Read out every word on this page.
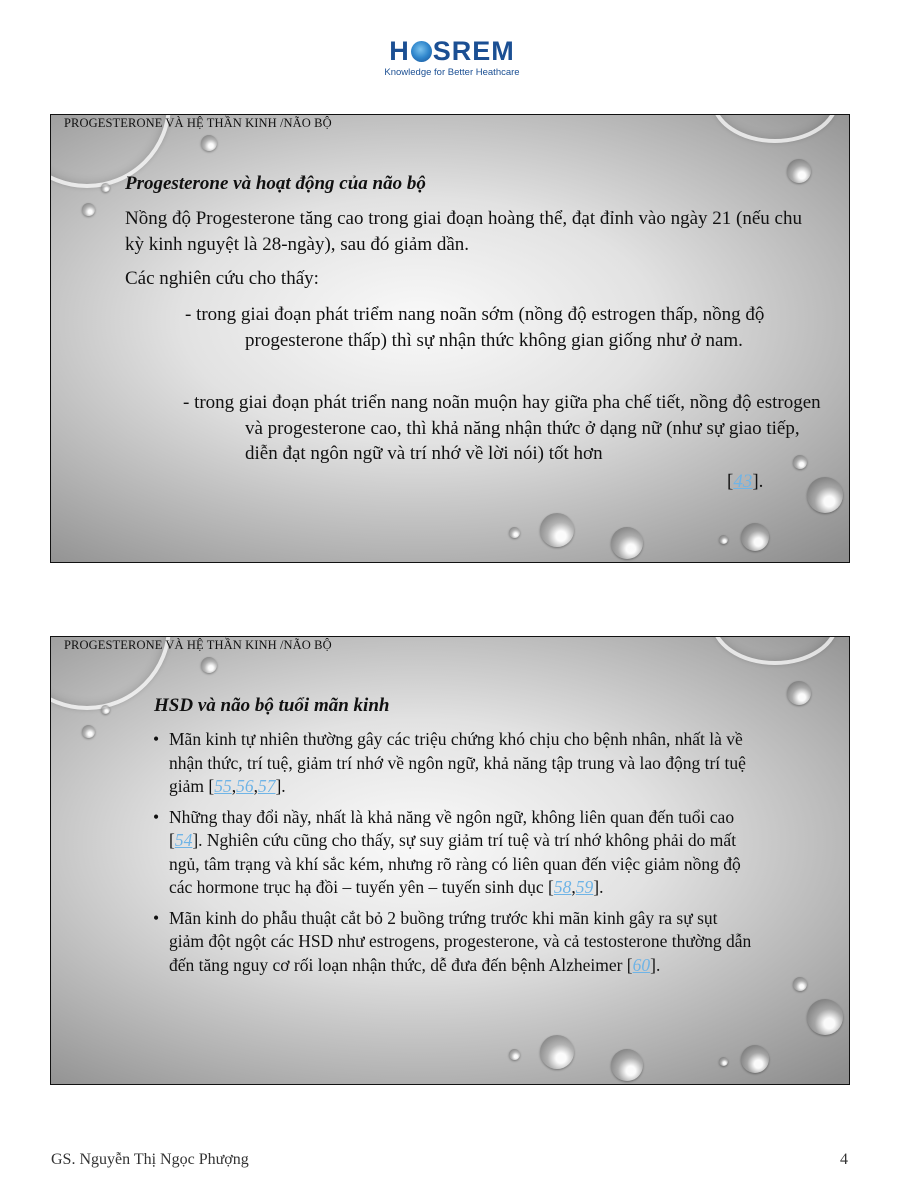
H SREM
Knowledge for Better Heathcare
PROGESTERONE VÀ HỆ THẦN KINH /NÃO BỘ
Progesterone và hoạt động của não bộ
Nồng độ Progesterone tăng cao trong giai đoạn hoàng thể, đạt đỉnh vào ngày 21 (nếu chu kỳ kinh nguyệt là 28-ngày), sau đó giảm dần.
Các nghiên cứu cho thấy:
- trong giai đoạn phát triểm nang noãn sớm (nồng độ estrogen thấp, nồng độ progesterone thấp) thì sự nhận thức không gian giống như ở nam.
- trong giai đoạn phát triển nang noãn muộn hay giữa pha chế tiết, nồng độ estrogen và progesterone cao, thì khả năng nhận thức ở dạng nữ (như sự giao tiếp, diễn đạt ngôn ngữ và trí nhớ về lời nói) tốt hơn
[43].
PROGESTERONE VÀ HỆ THẦN KINH /NÃO BỘ
HSD và não bộ tuổi mãn kinh
• Mãn kinh tự nhiên thường gây các triệu chứng khó chịu cho bệnh nhân, nhất là về nhận thức, trí tuệ, giảm trí nhớ về ngôn ngữ, khả năng tập trung và lao động trí tuệ giảm [55,56,57].
• Những thay đổi nầy, nhất là khả năng về ngôn ngữ, không liên quan đến tuổi cao [54]. Nghiên cứu cũng cho thấy, sự suy giảm trí tuệ và trí nhớ không phải do mất ngủ, tâm trạng và khí sắc kém, nhưng rõ ràng có liên quan đến việc giảm nồng độ các hormone trục hạ đồi – tuyến yên – tuyến sinh dục [58,59].
• Mãn kinh do phẫu thuật cắt bỏ 2 buồng trứng trước khi mãn kinh gây ra sự sụt giảm đột ngột các HSD như estrogens, progesterone, và cả testosterone thường dẫn đến tăng nguy cơ rối loạn nhận thức, dễ đưa đến bệnh Alzheimer [60].
GS. Nguyễn Thị Ngọc Phượng	4
